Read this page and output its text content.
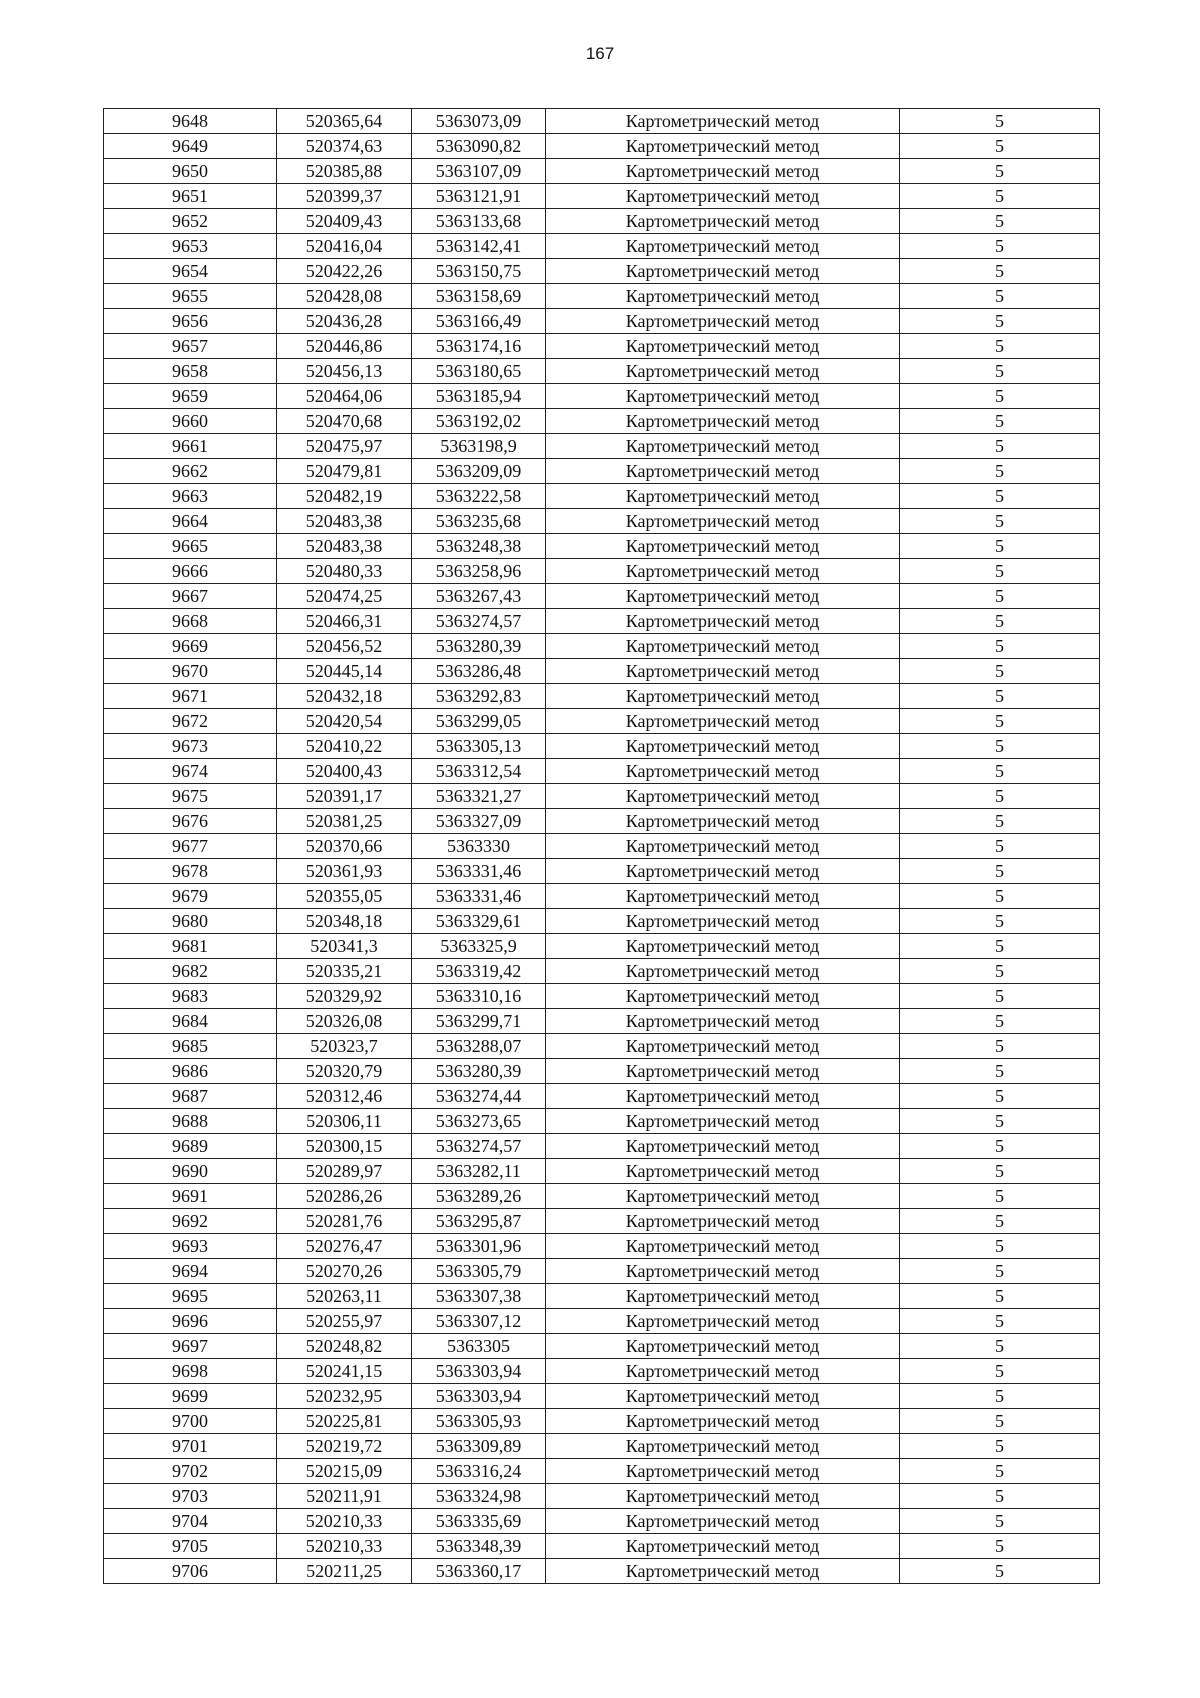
167
9648	520365,64	5363073,09	Картометрический метод	5
9649	520374,63	5363090,82	Картометрический метод	5
9650	520385,88	5363107,09	Картометрический метод	5
9651	520399,37	5363121,91	Картометрический метод	5
9652	520409,43	5363133,68	Картометрический метод	5
9653	520416,04	5363142,41	Картометрический метод	5
9654	520422,26	5363150,75	Картометрический метод	5
9655	520428,08	5363158,69	Картометрический метод	5
9656	520436,28	5363166,49	Картометрический метод	5
9657	520446,86	5363174,16	Картометрический метод	5
9658	520456,13	5363180,65	Картометрический метод	5
9659	520464,06	5363185,94	Картометрический метод	5
9660	520470,68	5363192,02	Картометрический метод	5
9661	520475,97	5363198,9	Картометрический метод	5
9662	520479,81	5363209,09	Картометрический метод	5
9663	520482,19	5363222,58	Картометрический метод	5
9664	520483,38	5363235,68	Картометрический метод	5
9665	520483,38	5363248,38	Картометрический метод	5
9666	520480,33	5363258,96	Картометрический метод	5
9667	520474,25	5363267,43	Картометрический метод	5
9668	520466,31	5363274,57	Картометрический метод	5
9669	520456,52	5363280,39	Картометрический метод	5
9670	520445,14	5363286,48	Картометрический метод	5
9671	520432,18	5363292,83	Картометрический метод	5
9672	520420,54	5363299,05	Картометрический метод	5
9673	520410,22	5363305,13	Картометрический метод	5
9674	520400,43	5363312,54	Картометрический метод	5
9675	520391,17	5363321,27	Картометрический метод	5
9676	520381,25	5363327,09	Картометрический метод	5
9677	520370,66	5363330	Картометрический метод	5
9678	520361,93	5363331,46	Картометрический метод	5
9679	520355,05	5363331,46	Картометрический метод	5
9680	520348,18	5363329,61	Картометрический метод	5
9681	520341,3	5363325,9	Картометрический метод	5
9682	520335,21	5363319,42	Картометрический метод	5
9683	520329,92	5363310,16	Картометрический метод	5
9684	520326,08	5363299,71	Картометрический метод	5
9685	520323,7	5363288,07	Картометрический метод	5
9686	520320,79	5363280,39	Картометрический метод	5
9687	520312,46	5363274,44	Картометрический метод	5
9688	520306,11	5363273,65	Картометрический метод	5
9689	520300,15	5363274,57	Картометрический метод	5
9690	520289,97	5363282,11	Картометрический метод	5
9691	520286,26	5363289,26	Картометрический метод	5
9692	520281,76	5363295,87	Картометрический метод	5
9693	520276,47	5363301,96	Картометрический метод	5
9694	520270,26	5363305,79	Картометрический метод	5
9695	520263,11	5363307,38	Картометрический метод	5
9696	520255,97	5363307,12	Картометрический метод	5
9697	520248,82	5363305	Картометрический метод	5
9698	520241,15	5363303,94	Картометрический метод	5
9699	520232,95	5363303,94	Картометрический метод	5
9700	520225,81	5363305,93	Картометрический метод	5
9701	520219,72	5363309,89	Картометрический метод	5
9702	520215,09	5363316,24	Картометрический метод	5
9703	520211,91	5363324,98	Картометрический метод	5
9704	520210,33	5363335,69	Картометрический метод	5
9705	520210,33	5363348,39	Картометрический метод	5
9706	520211,25	5363360,17	Картометрический метод	5
